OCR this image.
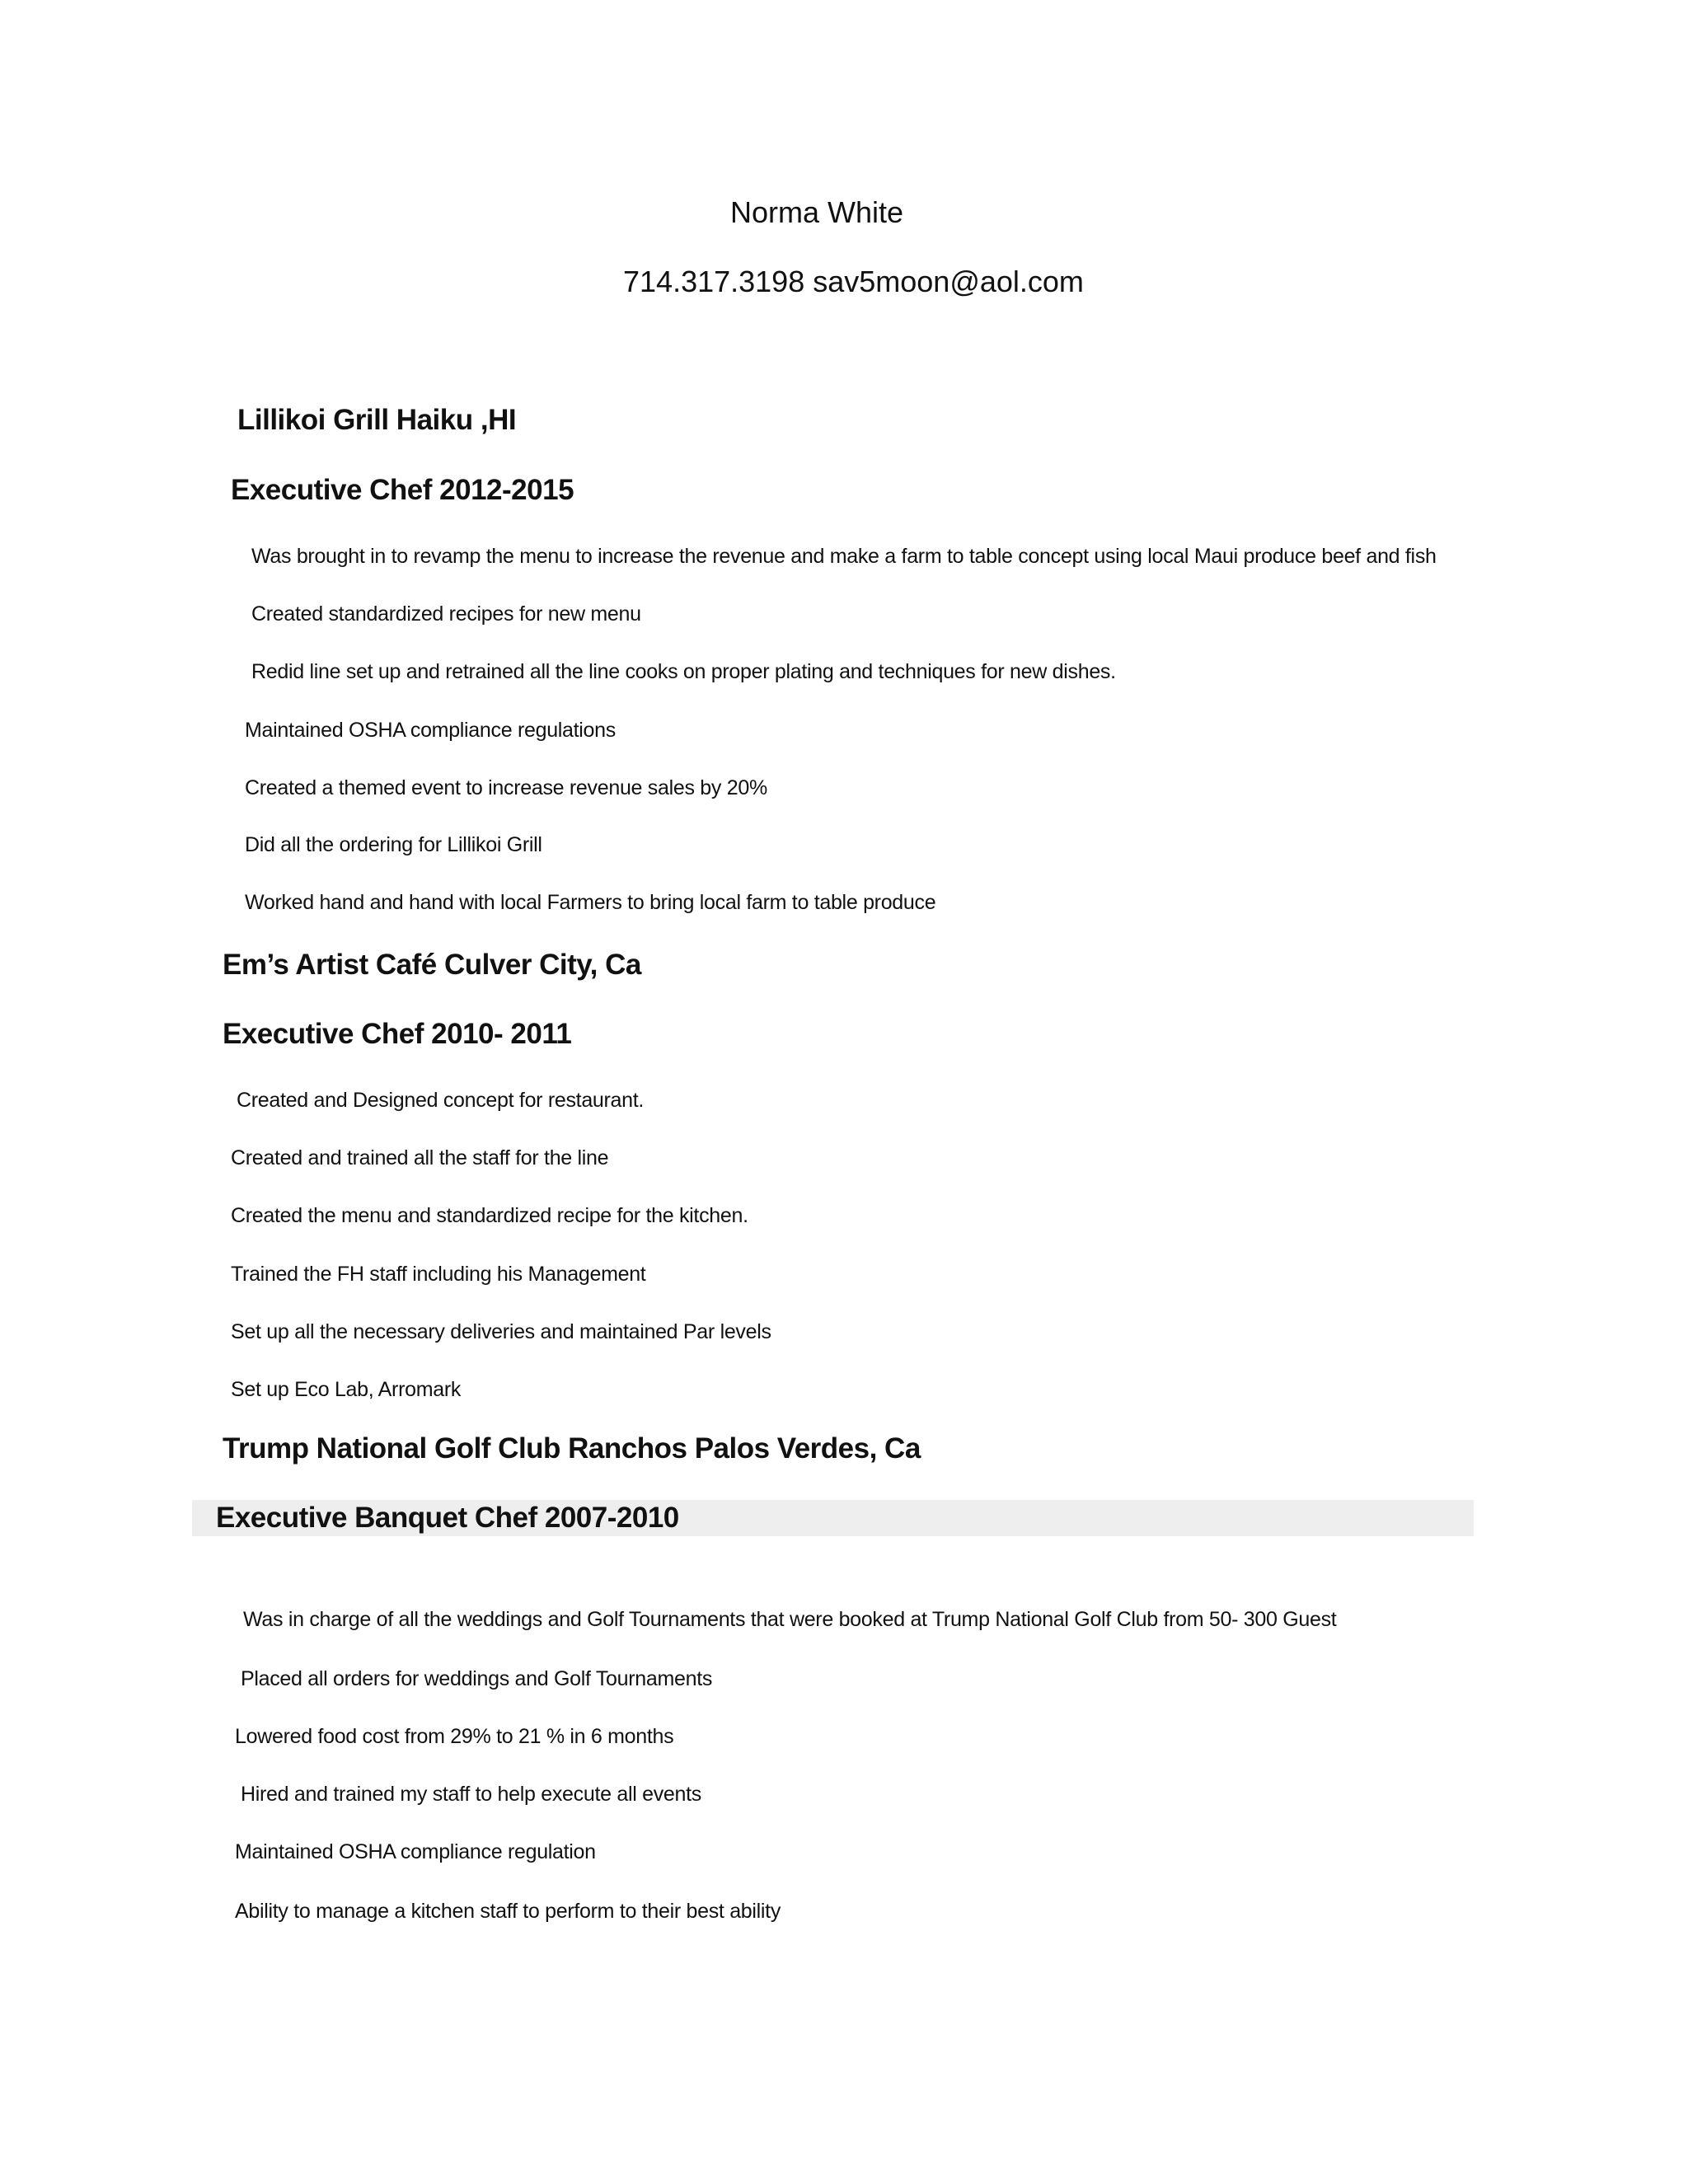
Norma White

714.317.3198 sav5moon@aol.com

Lillikoi Grill Haiku ,HI

Executive Chef 2012-2015

Was brought in to revamp the menu to increase the revenue and make a farm to table concept using local Maui produce beef and fish

Created standardized recipes for new menu

Redid line set up and retrained all the line cooks on proper plating and techniques for new dishes.

Maintained OSHA compliance regulations

Created a themed event to increase revenue sales by 20%

Did all the ordering for Lillikoi Grill

Worked hand and hand with local Farmers to bring local farm to table produce

Em’s Artist Café Culver City, Ca

Executive Chef 2010- 2011

Created and Designed concept for restaurant.

Created and trained all the staff for the line

Created the menu and standardized recipe for the kitchen.

Trained the FH staff including his Management

Set up all the necessary deliveries and maintained Par levels

Set up Eco Lab, Arromark

Trump National Golf Club Ranchos Palos Verdes, Ca

Executive Banquet Chef 2007-2010

Was in charge of all the weddings and Golf Tournaments that were booked at Trump National Golf Club from 50- 300 Guest

Placed all orders for weddings and Golf Tournaments

Lowered food cost from 29% to 21 % in 6 months

Hired and trained my staff to help execute all events

Maintained OSHA compliance regulation

Ability to manage a kitchen staff to perform to their best ability
